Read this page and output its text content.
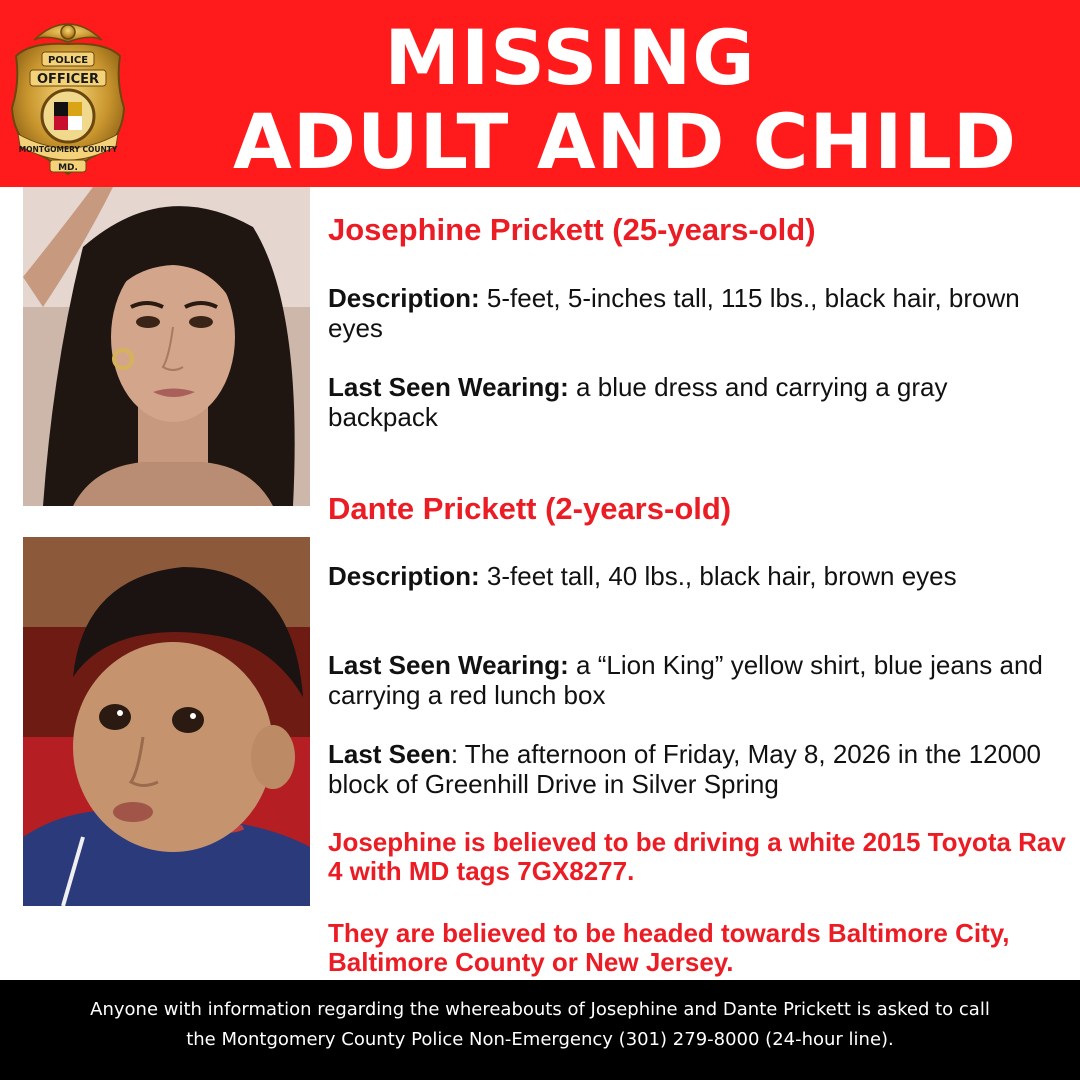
POLICE
OFFICER
MONTGOMERY COUNTY
MD.
MISSING
ADULT AND CHILD
Josephine Prickett (25-years-old)
Description: 5-feet, 5-inches tall, 115 lbs., black hair, brown eyes
Last Seen Wearing: a blue dress and carrying a gray backpack
Dante Prickett (2-years-old)
Description: 3-feet tall, 40 lbs., black hair, brown eyes
Last Seen Wearing: a “Lion King” yellow shirt, blue jeans and carrying a red lunch box
Last Seen: The afternoon of Friday, May 8, 2026 in the 12000 block of Greenhill Drive in Silver Spring
Josephine is believed to be driving a white 2015 Toyota Rav 4 with MD tags 7GX8277.
They are believed to be headed towards Baltimore City, Baltimore County or New Jersey.
Anyone with information regarding the whereabouts of Josephine and Dante Prickett is asked to call
the Montgomery County Police Non-Emergency (301) 279-8000 (24-hour line).
